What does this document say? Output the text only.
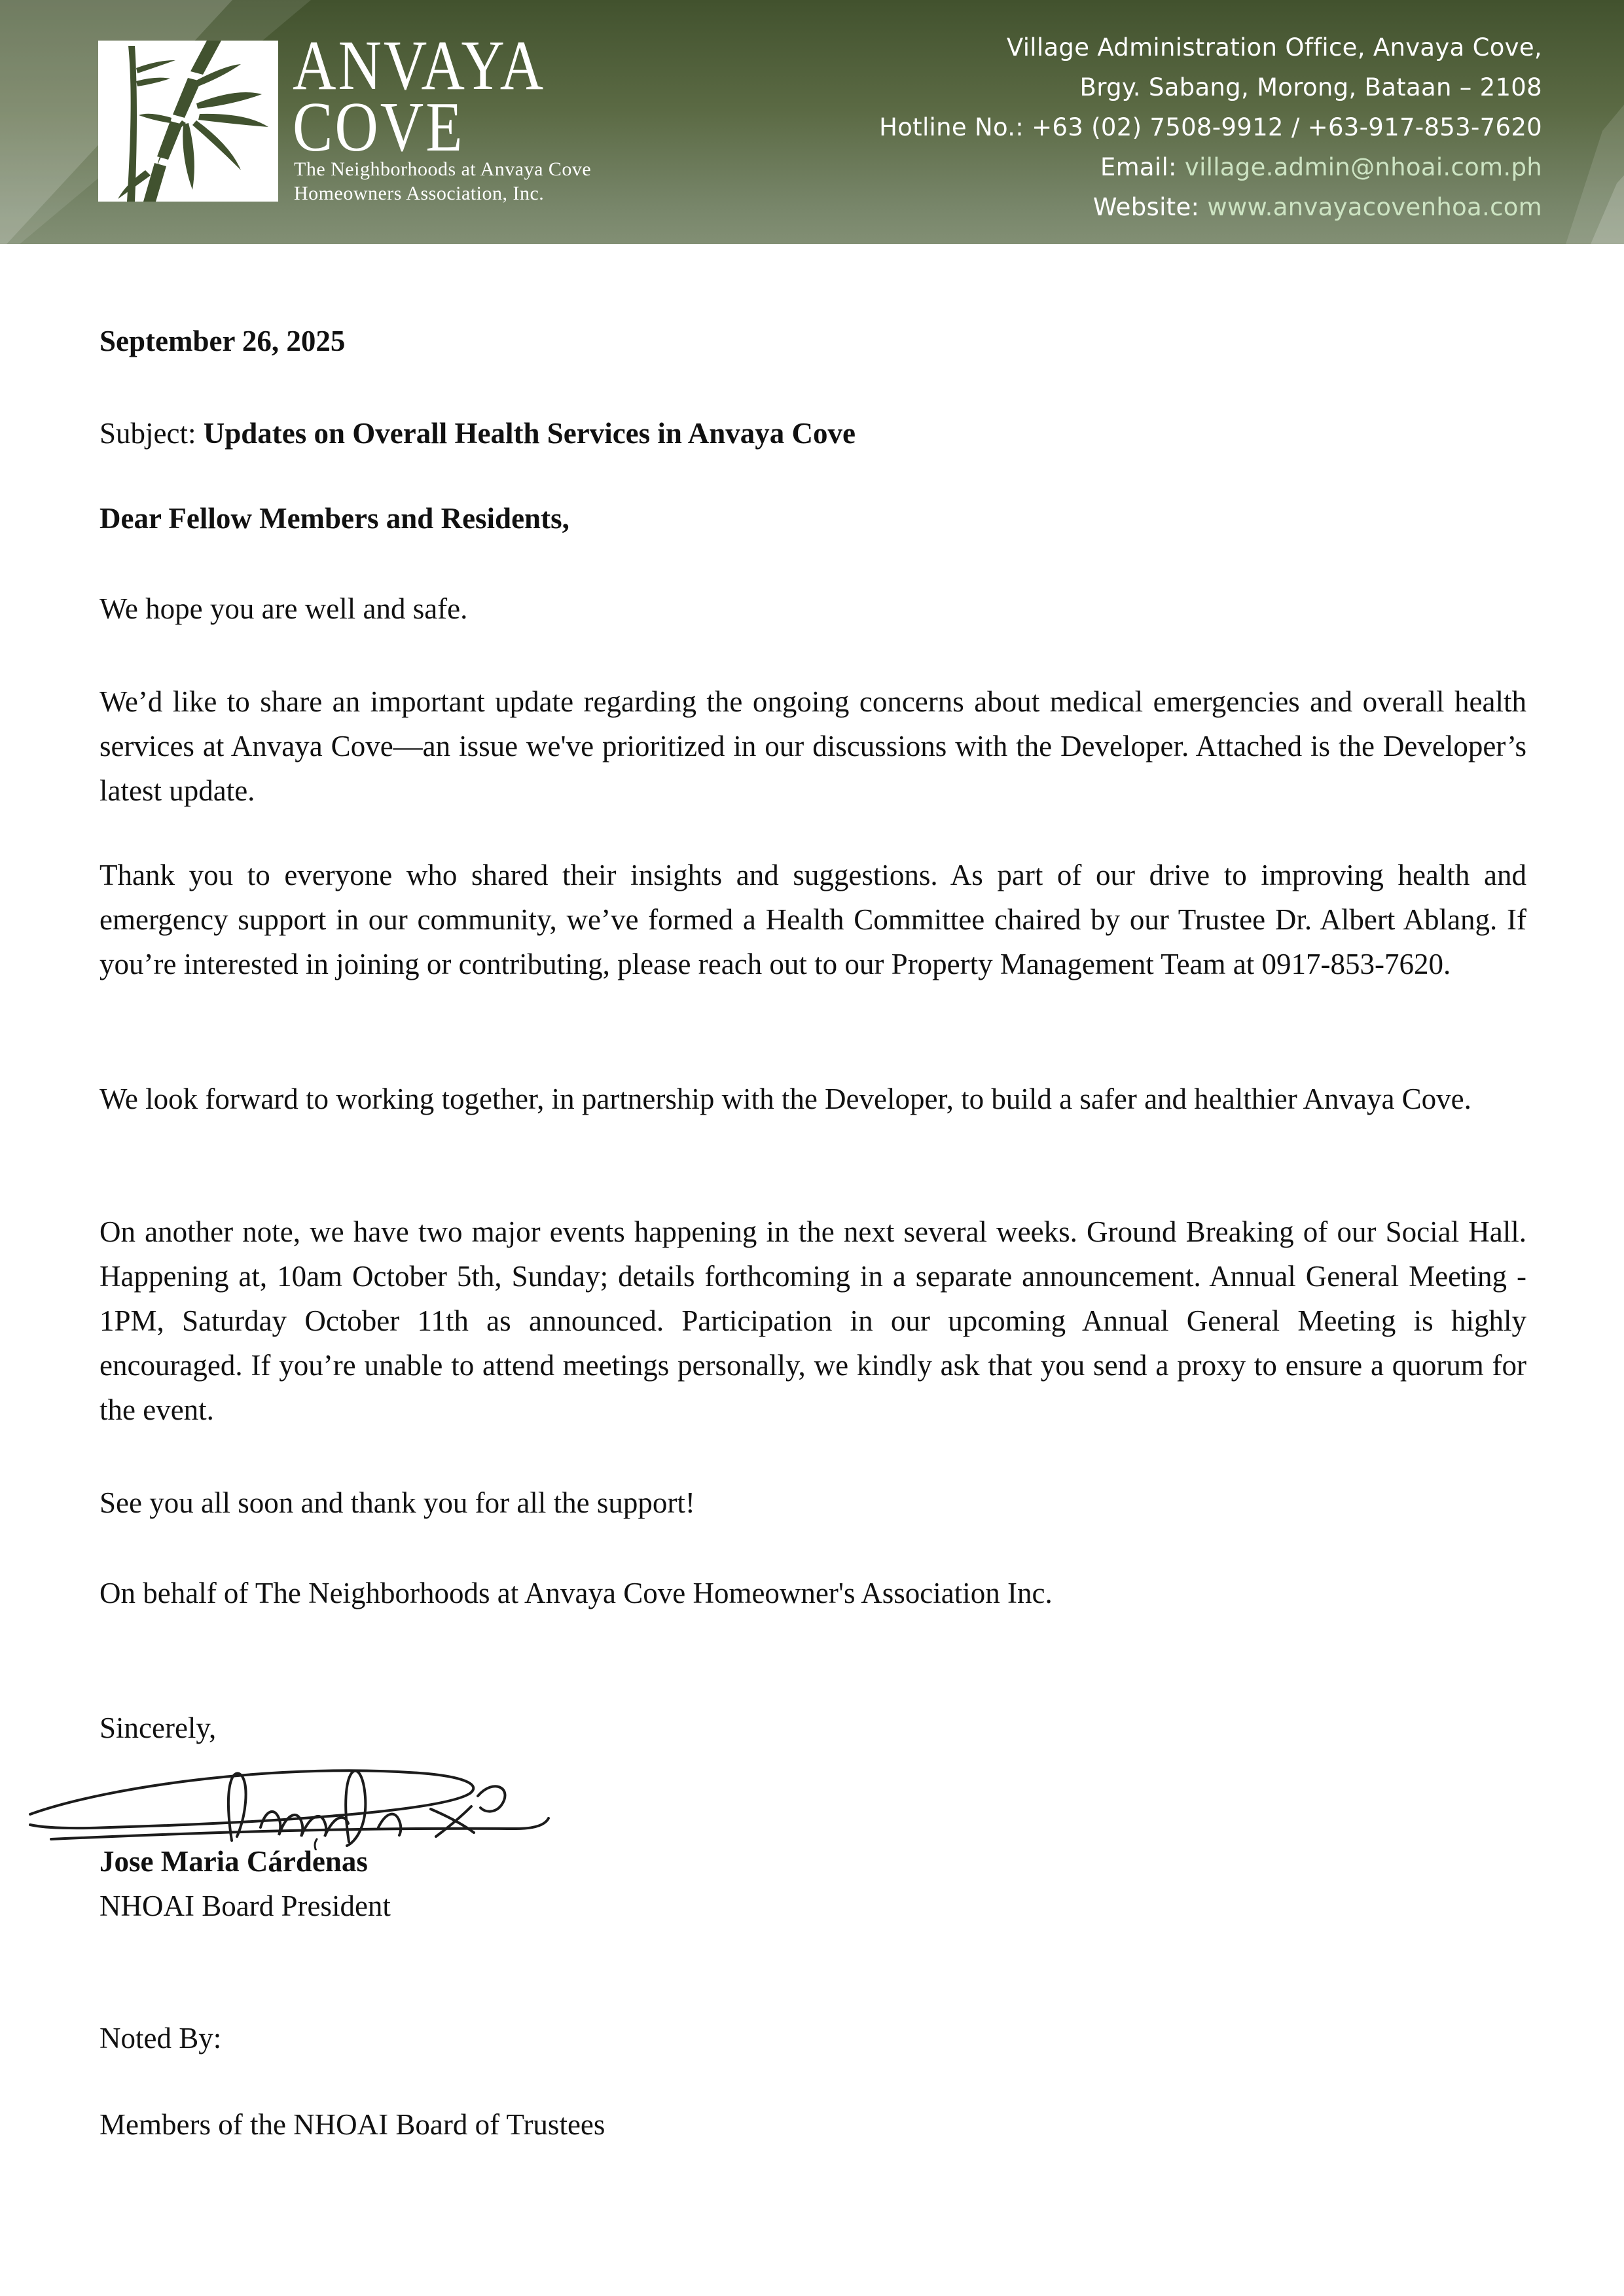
ANVAYA
COVE
The Neighborhoods at Anvaya Cove
Homeowners Association, Inc.
Village Administration Office, Anvaya Cove,
Brgy. Sabang, Morong, Bataan – 2108
Hotline No.: +63 (02) 7508-9912 / +63-917-853-7620
Email: village.admin@nhoai.com.ph
Website: www.anvayacovenhoa.com
September 26, 2025
Subject: Updates on Overall Health Services in Anvaya Cove
Dear Fellow Members and Residents,
We hope you are well and safe.
We’d like to share an important update regarding the ongoing concerns about medical emergencies and overall health services at Anvaya Cove—an issue we've prioritized in our discussions with the Developer. Attached is the Developer’s latest update.
Thank you to everyone who shared their insights and suggestions. As part of our drive to improving health and emergency support in our community, we’ve formed a Health Committee chaired by our Trustee Dr. Albert Ablang. If you’re interested in joining or contributing, please reach out to our Property Management Team at 0917-853-7620.
We look forward to working together, in partnership with the Developer, to build a safer and healthier Anvaya Cove.
On another note, we have two major events happening in the next several weeks. Ground Breaking of our Social Hall. Happening at, 10am October 5th, Sunday; details forthcoming in a separate announcement. Annual General Meeting - 1PM, Saturday October 11th as announced. Participation in our upcoming Annual General Meeting is highly encouraged. If you’re unable to attend meetings personally, we kindly ask that you send a proxy to ensure a quorum for the event.
See you all soon and thank you for all the support!
On behalf of The Neighborhoods at Anvaya Cove Homeowner's Association Inc.
Sincerely,
Jose Maria Cárdenas
NHOAI Board President
Noted By:
Members of the NHOAI Board of Trustees
